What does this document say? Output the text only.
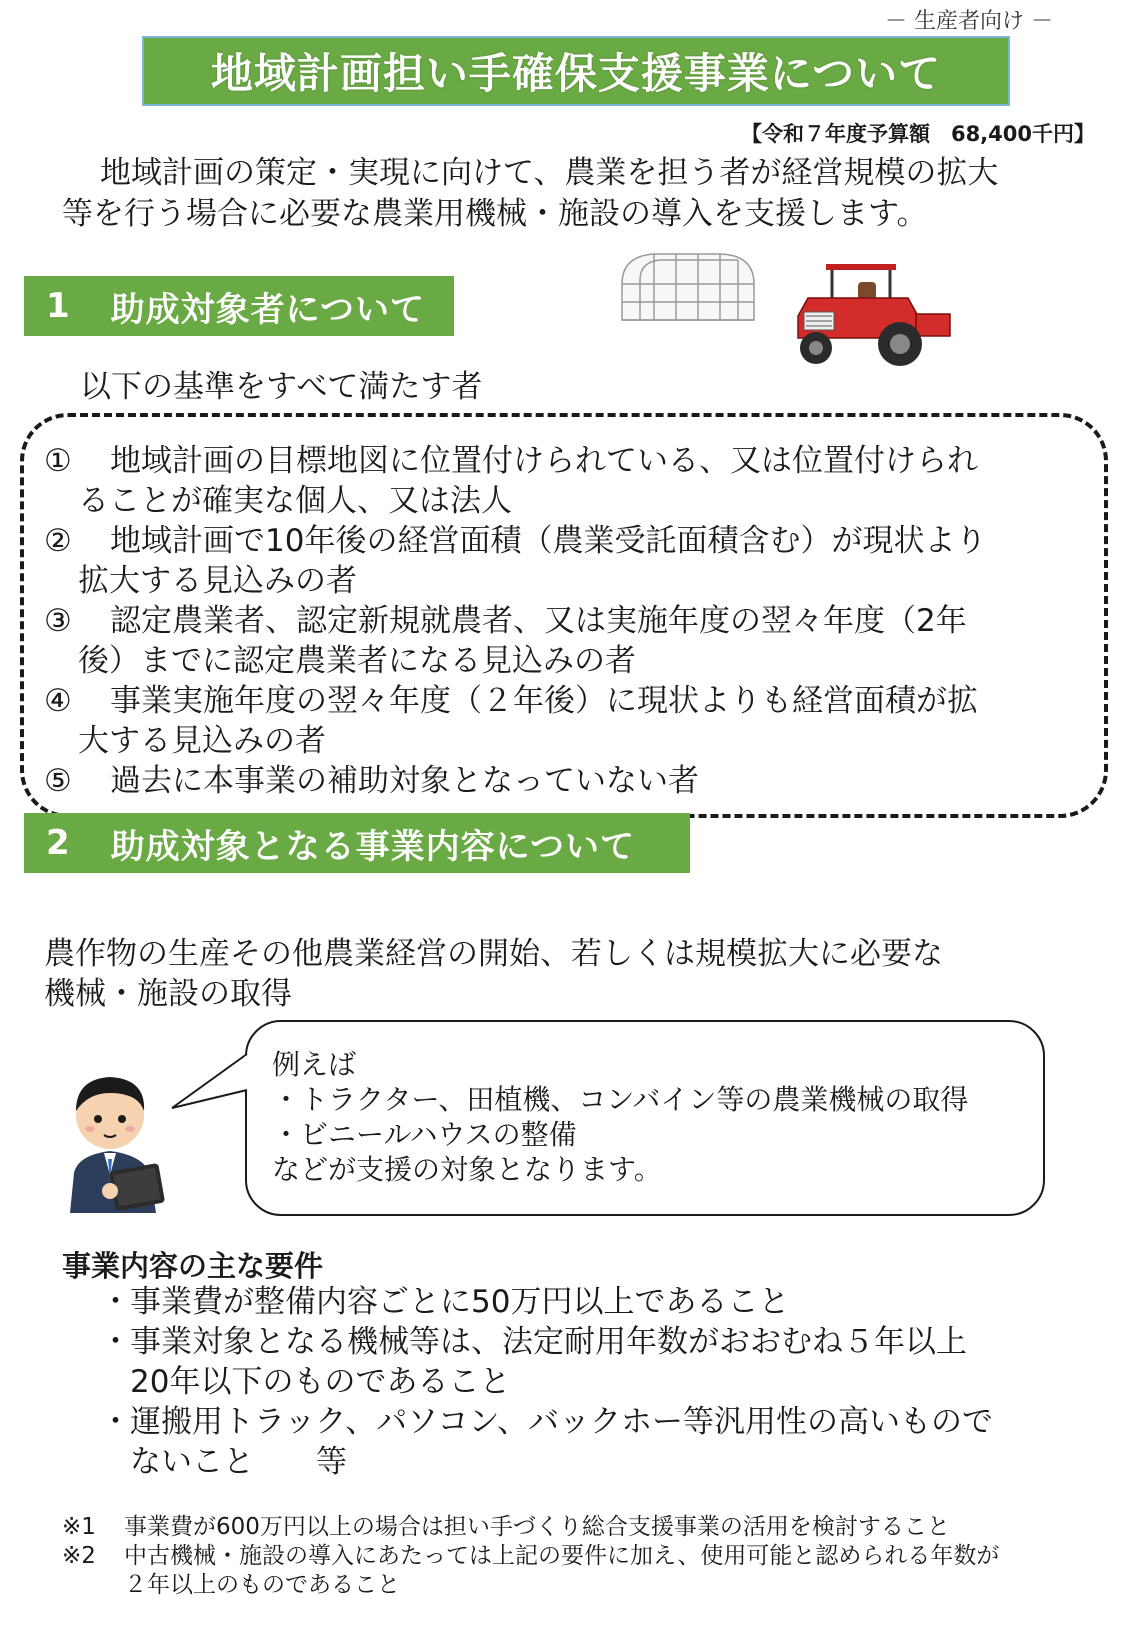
－ 生産者向け －
地域計画担い手確保支援事業について
【令和７年度予算額　68,400千円】

地域計画の策定・実現に向けて、農業を担う者が経営規模の拡大

等を行う場合に必要な農業用機械・施設の導入を支援します。

1 助成対象者について
以下の基準をすべて満たす者
① 地域計画の目標地図に位置付けられている、又は位置付けられ
ることが確実な個人、又は法人
② 地域計画で10年後の経営面積（農業受託面積含む）が現状より
拡大する見込みの者
③ 認定農業者、認定新規就農者、又は実施年度の翌々年度（2年
後）までに認定農業者になる見込みの者
④ 事業実施年度の翌々年度（２年後）に現状よりも経営面積が拡
大する見込みの者
⑤ 過去に本事業の補助対象となっていない者
2 助成対象となる事業内容について
農作物の生産その他農業経営の開始、若しくは規模拡大に必要な
機械・施設の取得
例えば
・トラクター、田植機、コンバイン等の農業機械の取得
・ビニールハウスの整備
などが支援の対象となります。
事業内容の主な要件
・ 事業費が整備内容ごとに50万円以上であること
・ 事業対象となる機械等は、法定耐用年数がおおむね５年以上
20年以下のものであること
・ 運搬用トラック、パソコン、バックホー等汎用性の高いもので
ないこと　　等
※1 事業費が600万円以上の場合は担い手づくり総合支援事業の活用を検討すること
※2 中古機械・施設の導入にあたっては上記の要件に加え、使用可能と認められる年数が
２年以上のものであること
